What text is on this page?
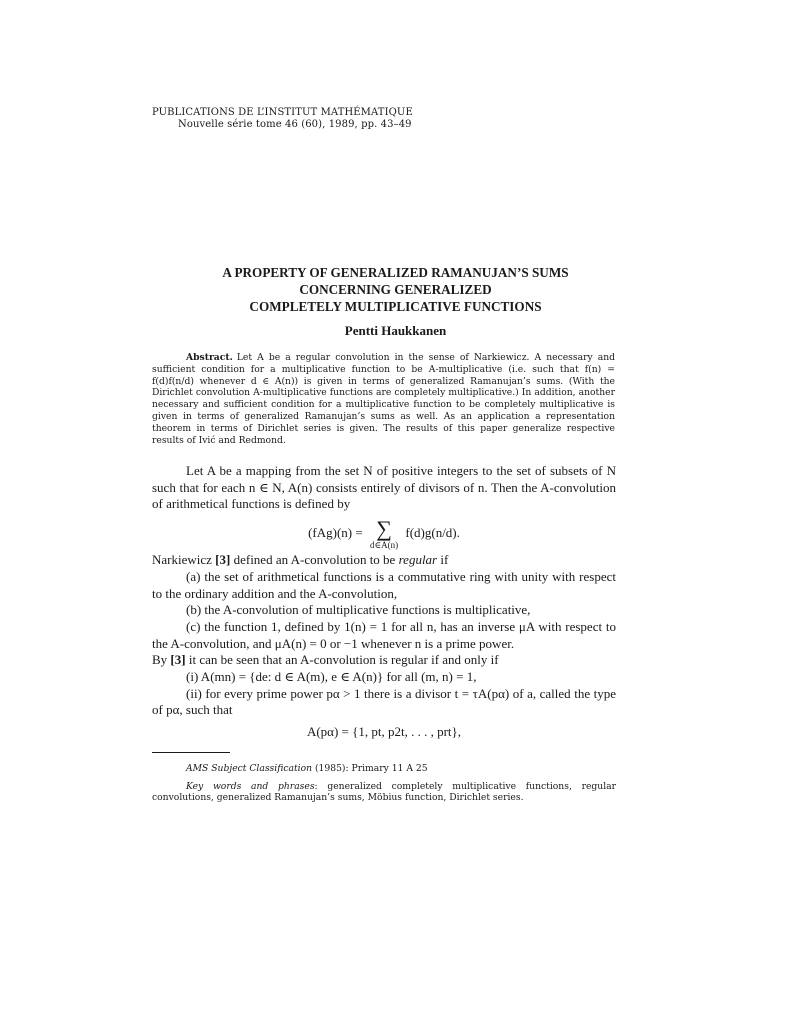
PUBLICATIONS DE L’INSTITUT MATHÉMATIQUE
Nouvelle série tome 46 (60), 1989, pp. 43–49
A PROPERTY OF GENERALIZED RAMANUJAN’S SUMS
CONCERNING GENERALIZED
COMPLETELY MULTIPLICATIVE FUNCTIONS
Pentti Haukkanen
Abstract. Let A be a regular convolution in the sense of Narkiewicz. A necessary and sufficient condition for a multiplicative function to be A-multiplicative (i.e. such that f(n) = f(d)f(n/d) whenever d ∈ A(n)) is given in terms of generalized Ramanujan’s sums. (With the Dirichlet convolution A-multiplicative functions are completely multiplicative.) In addition, another necessary and sufficient condition for a multiplicative function to be completely multiplicative is given in terms of generalized Ramanujan’s sums as well. As an application a representation theorem in terms of Dirichlet series is given. The results of this paper generalize respective results of Ivić and Redmond.

Let A be a mapping from the set N of positive integers to the set of subsets of N such that for each n ∈ N, A(n) consists entirely of divisors of n. Then the A-convolution of arithmetical functions is defined by

(fAg)(n) = ∑
d∈A(n)
f(d)g(n/d).

Narkiewicz [3] defined an A-convolution to be regular if

(a) the set of arithmetical functions is a commutative ring with unity with respect to the ordinary addition and the A-convolution,

(b) the A-convolution of multiplicative functions is multiplicative,

(c) the function 1, defined by 1(n) = 1 for all n, has an inverse μA with respect to the A-convolution, and μA(n) = 0 or −1 whenever n is a prime power.

By [3] it can be seen that an A-convolution is regular if and only if

(i) A(mn) = {de: d ∈ A(m), e ∈ A(n)} for all (m, n) = 1,

(ii) for every prime power pα > 1 there is a divisor t = τA(pα) of a, called the type of pα, such that

A(pα) = {1, pt, p2t, . . . , prt},

AMS Subject Classification (1985): Primary 11 A 25

Key words and phrases: generalized completely multiplicative functions, regular convolutions, generalized Ramanujan’s sums, Möbius function, Dirichlet series.
